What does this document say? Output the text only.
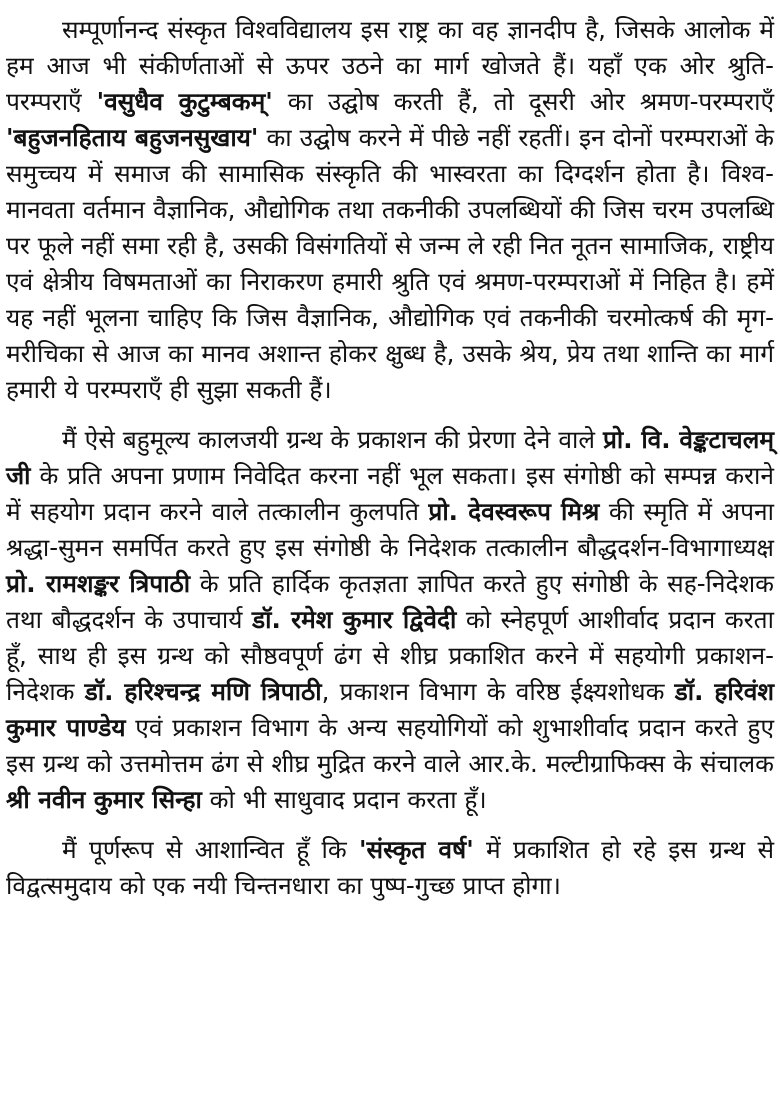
सम्पूर्णानन्द संस्कृत विश्वविद्यालय इस राष्ट्र का वह ज्ञानदीप है, जिसके आलोक में हम आज भी संकीर्णताओं से ऊपर उठने का मार्ग खोजते हैं। यहाँ एक ओर श्रुति-परम्पराएँ 'वसुधैव कुटुम्बकम्' का उद्घोष करती हैं, तो दूसरी ओर श्रमण-परम्पराएँ 'बहुजनहिताय बहुजनसुखाय' का उद्घोष करने में पीछे नहीं रहतीं। इन दोनों परम्पराओं के समुच्चय में समाज की सामासिक संस्कृति की भास्वरता का दिग्दर्शन होता है। विश्व-मानवता वर्तमान वैज्ञानिक, औद्योगिक तथा तकनीकी उपलब्धियों की जिस चरम उपलब्धि पर फूले नहीं समा रही है, उसकी विसंगतियों से जन्म ले रही नित नूतन सामाजिक, राष्ट्रीय एवं क्षेत्रीय विषमताओं का निराकरण हमारी श्रुति एवं श्रमण-परम्पराओं में निहित है। हमें यह नहीं भूलना चाहिए कि जिस वैज्ञानिक, औद्योगिक एवं तकनीकी चरमोत्कर्ष की मृग-मरीचिका से आज का मानव अशान्त होकर क्षुब्ध है, उसके श्रेय, प्रेय तथा शान्ति का मार्ग हमारी ये परम्पराएँ ही सुझा सकती हैं।

मैं ऐसे बहुमूल्य कालजयी ग्रन्थ के प्रकाशन की प्रेरणा देने वाले प्रो. वि. वेङ्कटाचलम् जी के प्रति अपना प्रणाम निवेदित करना नहीं भूल सकता। इस संगोष्ठी को सम्पन्न कराने में सहयोग प्रदान करने वाले तत्कालीन कुलपति प्रो. देवस्वरूप मिश्र की स्मृति में अपना श्रद्धा-सुमन समर्पित करते हुए इस संगोष्ठी के निदेशक तत्कालीन बौद्धदर्शन-विभागाध्यक्ष प्रो. रामशङ्कर त्रिपाठी के प्रति हार्दिक कृतज्ञता ज्ञापित करते हुए संगोष्ठी के सह-निदेशक तथा बौद्धदर्शन के उपाचार्य डॉ. रमेश कुमार द्विवेदी को स्नेहपूर्ण आशीर्वाद प्रदान करता हूँ, साथ ही इस ग्रन्थ को सौष्ठवपूर्ण ढंग से शीघ्र प्रकाशित करने में सहयोगी प्रकाशन-निदेशक डॉ. हरिश्चन्द्र मणि त्रिपाठी, प्रकाशन विभाग के वरिष्ठ ईक्ष्यशोधक डॉ. हरिवंश कुमार पाण्डेय एवं प्रकाशन विभाग के अन्य सहयोगियों को शुभाशीर्वाद प्रदान करते हुए इस ग्रन्थ को उत्तमोत्तम ढंग से शीघ्र मुद्रित करने वाले आर.के. मल्टीग्राफिक्स के संचालक श्री नवीन कुमार सिन्हा को भी साधुवाद प्रदान करता हूँ।

मैं पूर्णरूप से आशान्वित हूँ कि 'संस्कृत वर्ष' में प्रकाशित हो रहे इस ग्रन्थ से विद्वत्समुदाय को एक नयी चिन्तनधारा का पुष्प-गुच्छ प्राप्त होगा।
